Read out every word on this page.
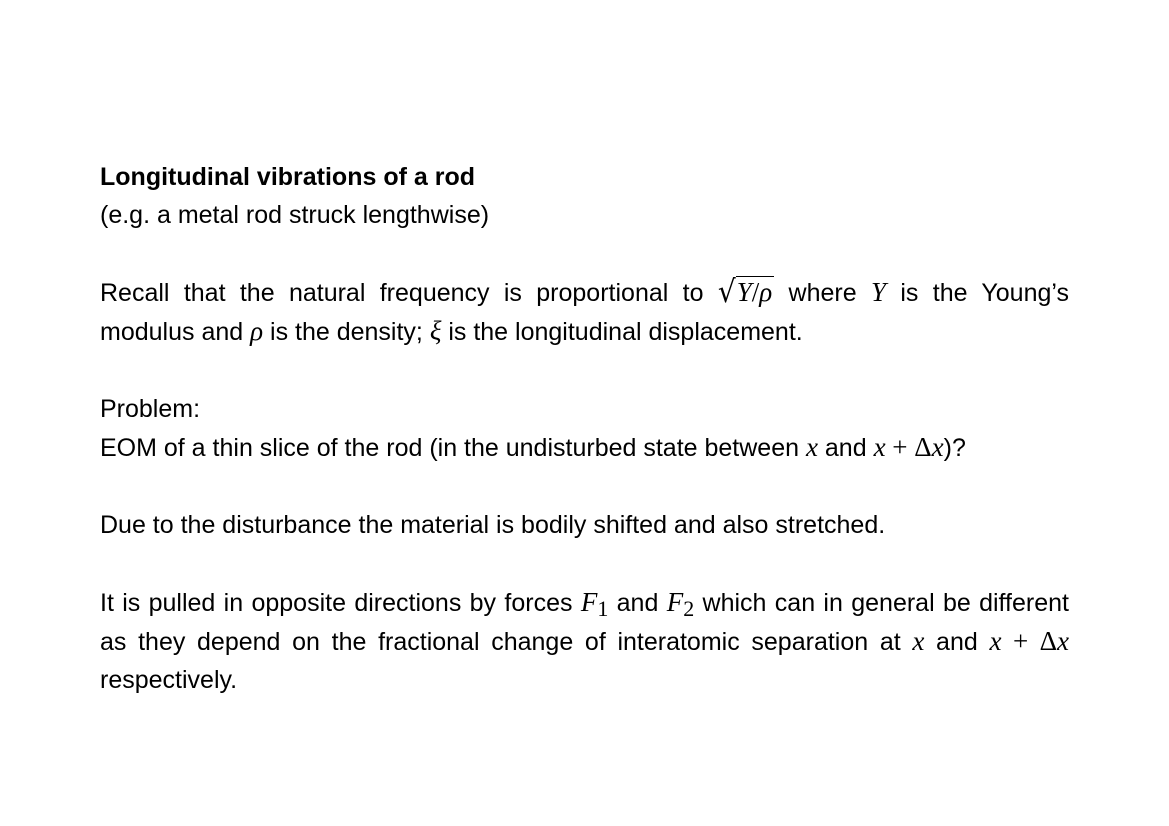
Longitudinal vibrations of a rod

(e.g. a metal rod struck lengthwise)

Recall that the natural frequency is proportional to √Y/ρ where Y is the Young’s modulus and ρ is the density; ξ is the longitudinal displacement.

Problem:

EOM of a thin slice of the rod (in the undisturbed state between x and x + Δx)?

Due to the disturbance the material is bodily shifted and also stretched.

It is pulled in opposite directions by forces $F_1$ and $F_2$ which can in general be different as they depend on the fractional change of interatomic separation at x and x + Δx respectively.
